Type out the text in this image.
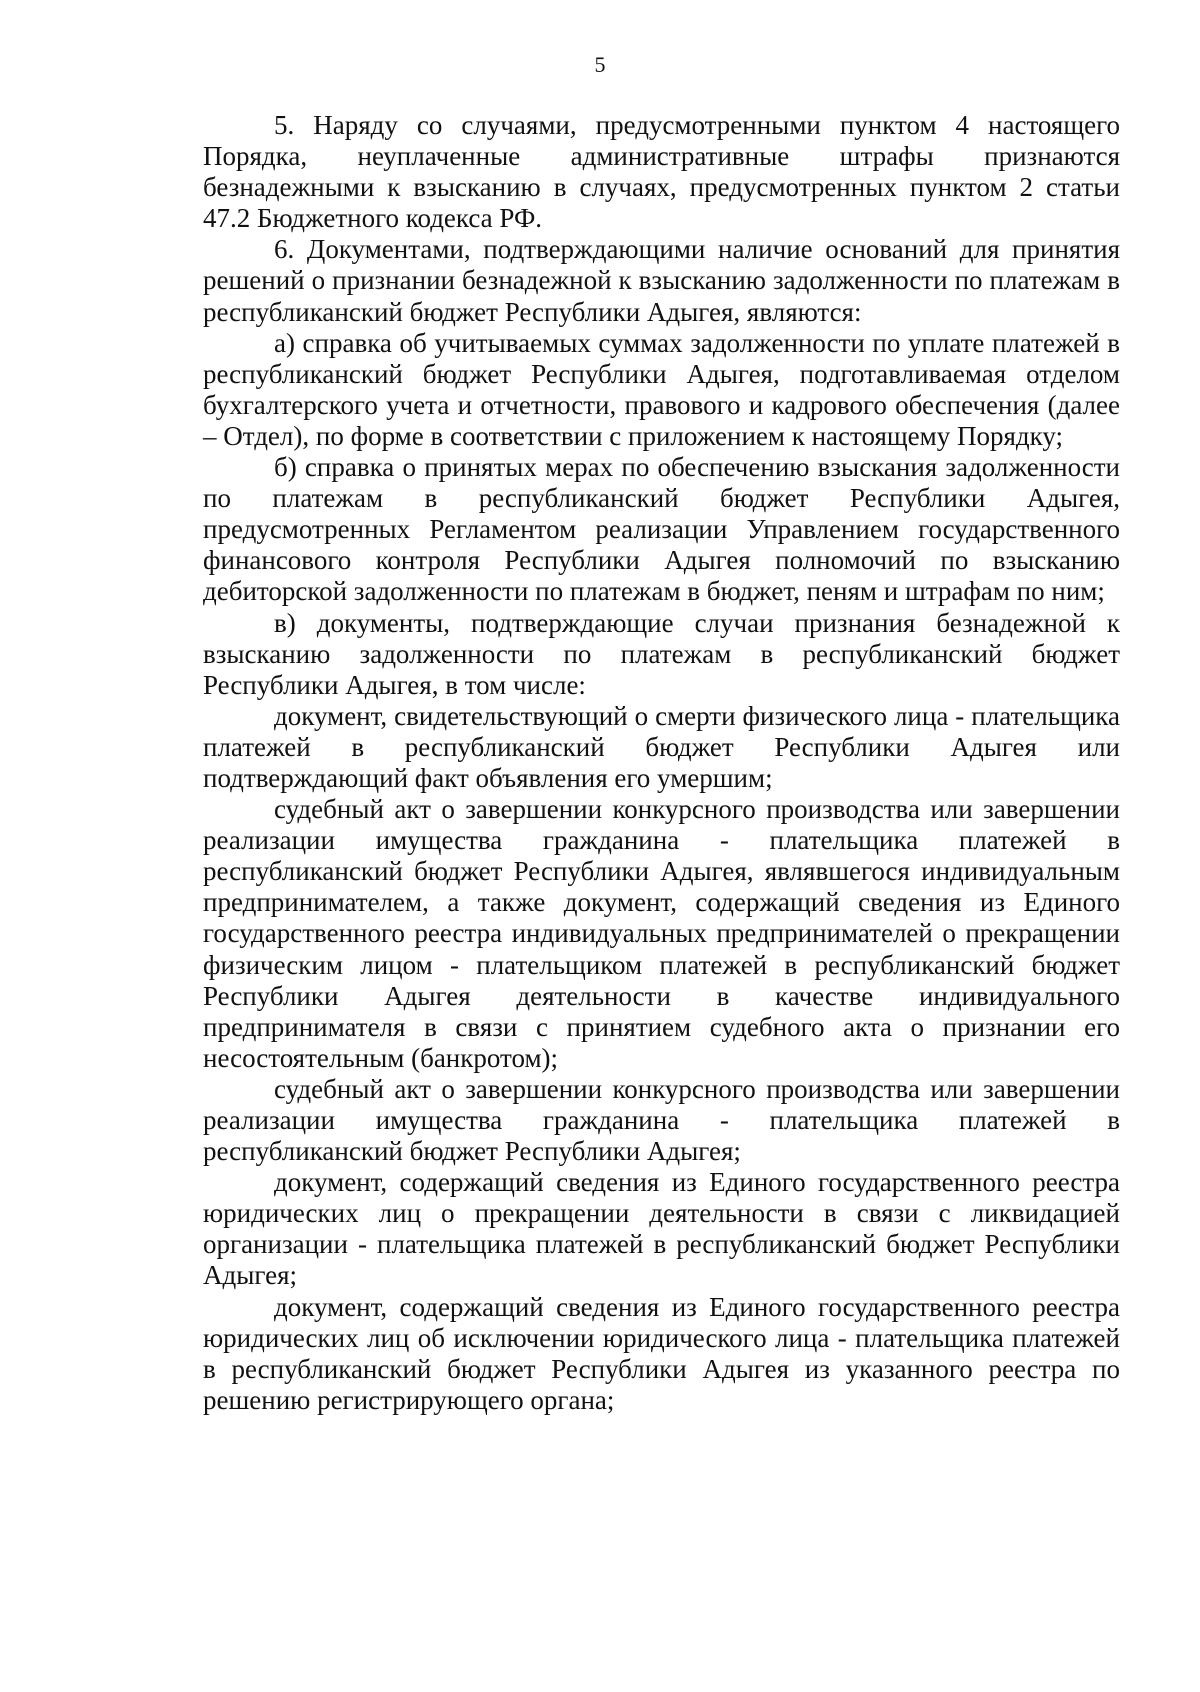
5

5. Наряду со случаями, предусмотренными пунктом 4 настоящего Порядка, неуплаченные административные штрафы признаются безнадежными к взысканию в случаях, предусмотренных пунктом 2 статьи 47.2 Бюджетного кодекса РФ.

6. Документами, подтверждающими наличие оснований для принятия решений о признании безнадежной к взысканию задолженности по платежам в республиканский бюджет Республики Адыгея, являются:

а) справка об учитываемых суммах задолженности по уплате платежей в республиканский бюджет Республики Адыгея, подготавливаемая отделом бухгалтерского учета и отчетности, правового и кадрового обеспечения (далее – Отдел), по форме в соответствии с приложением к настоящему Порядку;

б) справка о принятых мерах по обеспечению взыскания задолженности по платежам в республиканский бюджет Республики Адыгея, предусмотренных Регламентом реализации Управлением государственного финансового контроля Республики Адыгея полномочий по взысканию дебиторской задолженности по платежам в бюджет, пеням и штрафам по ним;

в) документы, подтверждающие случаи признания безнадежной к взысканию задолженности по платежам в республиканский бюджет Республики Адыгея, в том числе:

документ, свидетельствующий о смерти физического лица - плательщика платежей в республиканский бюджет Республики Адыгея или подтверждающий факт объявления его умершим;

судебный акт о завершении конкурсного производства или завершении реализации имущества гражданина - плательщика платежей в республиканский бюджет Республики Адыгея, являвшегося индивидуальным предпринимателем, а также документ, содержащий сведения из Единого государственного реестра индивидуальных предпринимателей о прекращении физическим лицом - плательщиком платежей в республиканский бюджет Республики Адыгея деятельности в качестве индивидуального предпринимателя в связи с принятием судебного акта о признании его несостоятельным (банкротом);

судебный акт о завершении конкурсного производства или завершении реализации имущества гражданина - плательщика платежей в республиканский бюджет Республики Адыгея;

документ, содержащий сведения из Единого государственного реестра юридических лиц о прекращении деятельности в связи с ликвидацией организации - плательщика платежей в республиканский бюджет Республики Адыгея;

документ, содержащий сведения из Единого государственного реестра юридических лиц об исключении юридического лица - плательщика платежей в республиканский бюджет Республики Адыгея из указанного реестра по решению регистрирующего органа;
